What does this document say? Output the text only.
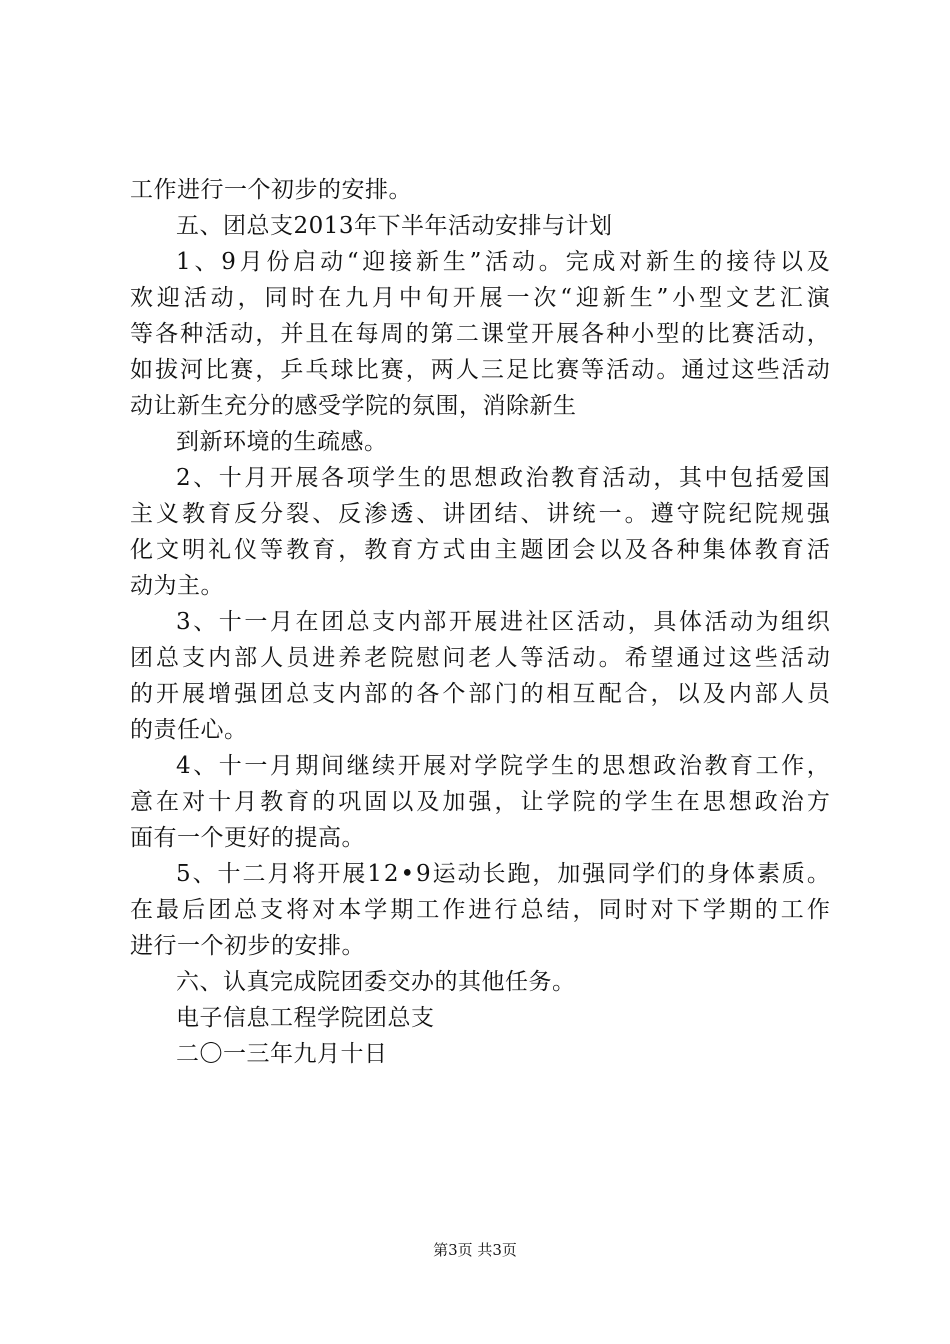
工作进行一个初步的安排。
五、团总支2013年下半年活动安排与计划
1 、 9 月 份 启 动 “ 迎 接 新 生 ” 活 动 。 完 成 对 新 生 的 接 待 以 及
欢 迎 活 动 ， 同 时 在 九 月 中 旬 开 展 一 次 “ 迎 新 生 ” 小 型 文 艺 汇 演
等 各 种 活 动 ， 并 且 在 每 周 的 第 二 课 堂 开 展 各 种 小 型 的 比 赛 活 动 ，
如 拔 河 比 赛 ， 乒 乓 球 比 赛 ， 两 人 三 足 比 赛 等 活 动 。 通 过 这 些 活 动
动让新生充分的感受学院的氛围，消除新生
到新环境的生疏感。
2 、 十 月 开 展 各 项 学 生 的 思 想 政 治 教 育 活 动 ， 其 中 包 括 爱 国
主 义 教 育 反 分 裂 、 反 渗 透 、 讲 团 结 、 讲 统 一 。 遵 守 院 纪 院 规 强
化 文 明 礼 仪 等 教 育 ， 教 育 方 式 由 主 题 团 会 以 及 各 种 集 体 教 育 活
动为主。
3 、 十 一 月 在 团 总 支 内 部 开 展 进 社 区 活 动 ， 具 体 活 动 为 组 织
团 总 支 内 部 人 员 进 养 老 院 慰 问 老 人 等 活 动 。 希 望 通 过 这 些 活 动
的 开 展 增 强 团 总 支 内 部 的 各 个 部 门 的 相 互 配 合 ， 以 及 内 部 人 员
的责任心。
4 、 十 一 月 期 间 继 续 开 展 对 学 院 学 生 的 思 想 政 治 教 育 工 作 ，
意 在 对 十 月 教 育 的 巩 固 以 及 加 强 ， 让 学 院 的 学 生 在 思 想 政 治 方
面有一个更好的提高。
5 、 十 二 月 将 开 展 1 2 • 9 运 动 长 跑 ， 加 强 同 学 们 的 身 体 素 质 。
在 最 后 团 总 支 将 对 本 学 期 工 作 进 行 总 结 ， 同 时 对 下 学 期 的 工 作
进行一个初步的安排。
六、认真完成院团委交办的其他任务。
电子信息工程学院团总支
二〇一三年九月十日
第3页 共3页
